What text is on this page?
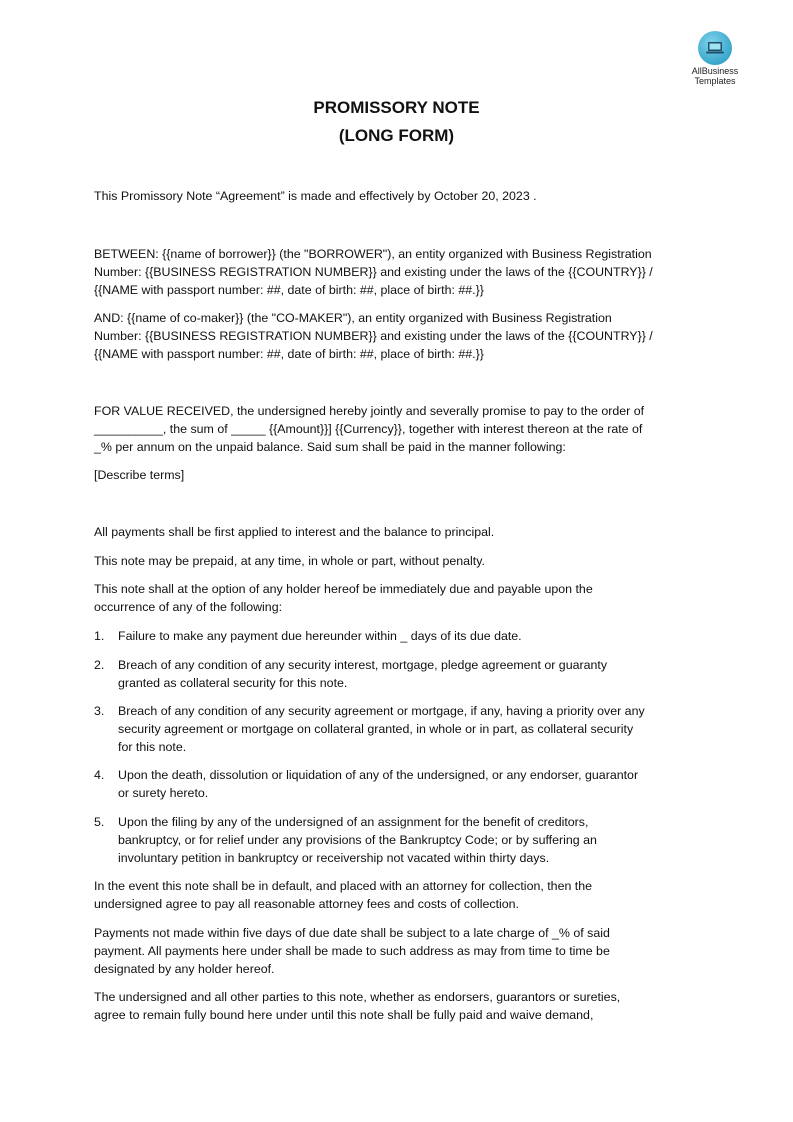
AllBusiness
Templates
PROMISSORY NOTE
(LONG FORM)

This Promissory Note “Agreement” is made and effectively by October 20, 2023 .

BETWEEN: {{name of borrower}} (the "BORROWER"), an entity organized with Business Registration
Number: {{BUSINESS REGISTRATION NUMBER}} and existing under the laws of the {{COUNTRY}} /
{{NAME with passport number: ##, date of birth: ##, place of birth: ##.}}
AND: {{name of co-maker}} (the "CO-MAKER"), an entity organized with Business Registration
Number: {{BUSINESS REGISTRATION NUMBER}} and existing under the laws of the {{COUNTRY}} /
{{NAME with passport number: ##, date of birth: ##, place of birth: ##.}}
FOR VALUE RECEIVED, the undersigned hereby jointly and severally promise to pay to the order of
__________, the sum of _____ {{Amount}}] {{Currency}}, together with interest thereon at the rate of
_% per annum on the unpaid balance. Said sum shall be paid in the manner following:

[Describe terms]

All payments shall be first applied to interest and the balance to principal.

This note may be prepaid, at any time, in whole or part, without penalty.

This note shall at the option of any holder hereof be immediately due and payable upon the
occurrence of any of the following:
1. Failure to make any payment due hereunder within _ days of its due date.
2. Breach of any condition of any security interest, mortgage, pledge agreement or guaranty
granted as collateral security for this note.
3. Breach of any condition of any security agreement or mortgage, if any, having a priority over any
security agreement or mortgage on collateral granted, in whole or in part, as collateral security
for this note.
4. Upon the death, dissolution or liquidation of any of the undersigned, or any endorser, guarantor
or surety hereto.
5. Upon the filing by any of the undersigned of an assignment for the benefit of creditors,
bankruptcy, or for relief under any provisions of the Bankruptcy Code; or by suffering an
involuntary petition in bankruptcy or receivership not vacated within thirty days.
In the event this note shall be in default, and placed with an attorney for collection, then the
undersigned agree to pay all reasonable attorney fees and costs of collection.
Payments not made within five days of due date shall be subject to a late charge of _% of said
payment. All payments here under shall be made to such address as may from time to time be
designated by any holder hereof.
The undersigned and all other parties to this note, whether as endorsers, guarantors or sureties,
agree to remain fully bound here under until this note shall be fully paid and waive demand,
